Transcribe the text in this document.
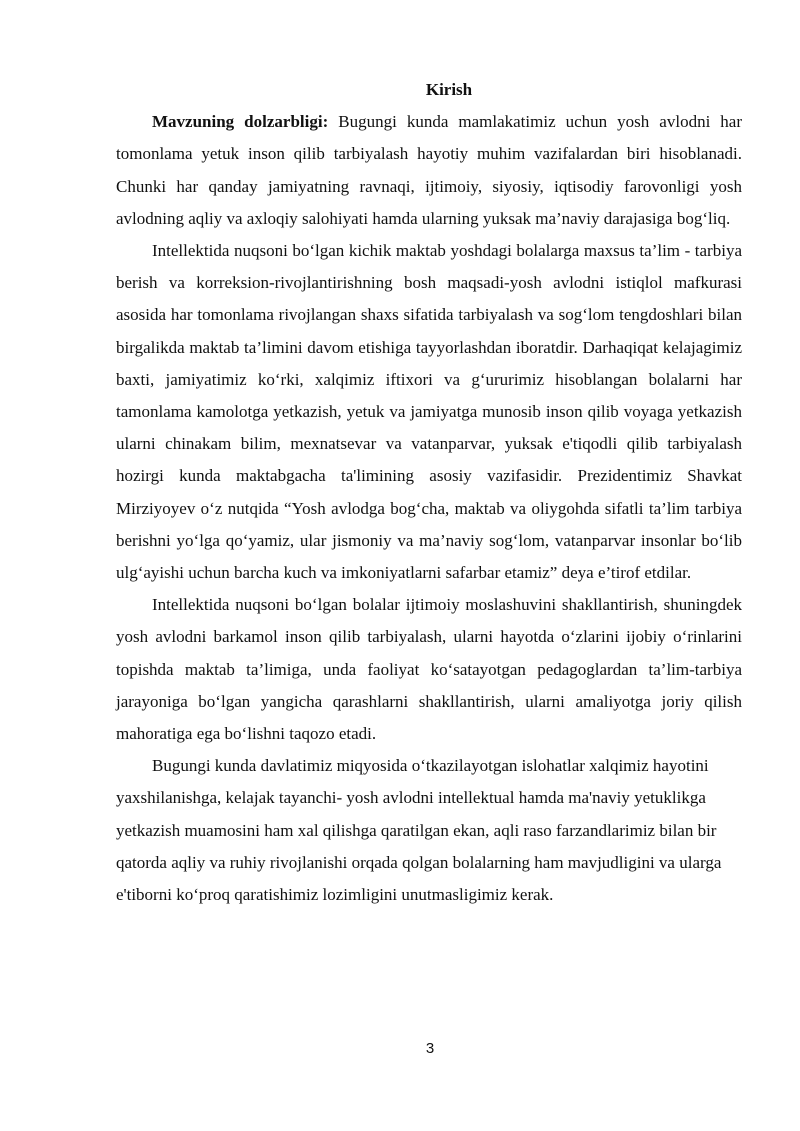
Kirish

Mavzuning dolzarbligi: Bugungi kunda mamlakatimiz uchun yosh avlodni har tomonlama yetuk inson qilib tarbiyalash hayotiy muhim vazifalardan biri hisoblanadi. Chunki har qanday jamiyatning ravnaqi, ijtimoiy, siyosiy, iqtisodiy farovonligi yosh avlodning aqliy va axloqiy salohiyati hamda ularning yuksak ma’naviy darajasiga bog‘liq.

Intellektida nuqsoni bo‘lgan kichik maktab yoshdagi bolalarga maxsus ta’lim - tarbiya berish va korreksion-rivojlantirishning bosh maqsadi-yosh avlodni istiqlol mafkurasi asosida har tomonlama rivojlangan shaxs sifatida tarbiyalash va sog‘lom tengdoshlari bilan birgalikda maktab ta’limini davom etishiga tayyorlashdan iboratdir. Darhaqiqat kelajagimiz baxti, jamiyatimiz ko‘rki, xalqimiz iftixori va g‘ururimiz hisoblangan bolalarni har tamonlama kamolotga yetkazish, yetuk va jamiyatga munosib inson qilib voyaga yetkazish ularni chinakam bilim, mexnatsevar va vatanparvar, yuksak e'tiqodli qilib tarbiyalash hozirgi kunda maktabgacha ta'limining asosiy vazifasidir. Prezidentimiz Shavkat Mirziyoyev o‘z nutqida “Yosh avlodga bog‘cha, maktab va oliygohda sifatli ta’lim tarbiya berishni yo‘lga qo‘yamiz, ular jismoniy va ma’naviy sog‘lom, vatanparvar insonlar bo‘lib ulg‘ayishi uchun barcha kuch va imkoniyatlarni safarbar etamiz” deya e’tirof etdilar.

Intellektida nuqsoni bo‘lgan bolalar ijtimoiy moslashuvini shakllantirish, shuningdek yosh avlodni barkamol inson qilib tarbiyalash, ularni hayotda o‘zlarini ijobiy o‘rinlarini topishda maktab ta’limiga, unda faoliyat ko‘satayotgan pedagoglardan ta’lim-tarbiya jarayoniga bo‘lgan yangicha qarashlarni shakllantirish, ularni amaliyotga joriy qilish mahoratiga ega bo‘lishni taqozo etadi.

Bugungi kunda davlatimiz miqyosida o‘tkazilayotgan islohatlar xalqimiz hayotini yaxshilanishga, kelajak tayanchi- yosh avlodni intellektual hamda ma'naviy yetuklikga yetkazish muamosini ham xal qilishga qaratilgan ekan, aqli raso farzandlarimiz bilan bir qatorda aqliy va ruhiy rivojlanishi orqada qolgan bolalarning ham mavjudligini va ularga e'tiborni ko‘proq qaratishimiz lozimligini unutmasligimiz kerak.

3
